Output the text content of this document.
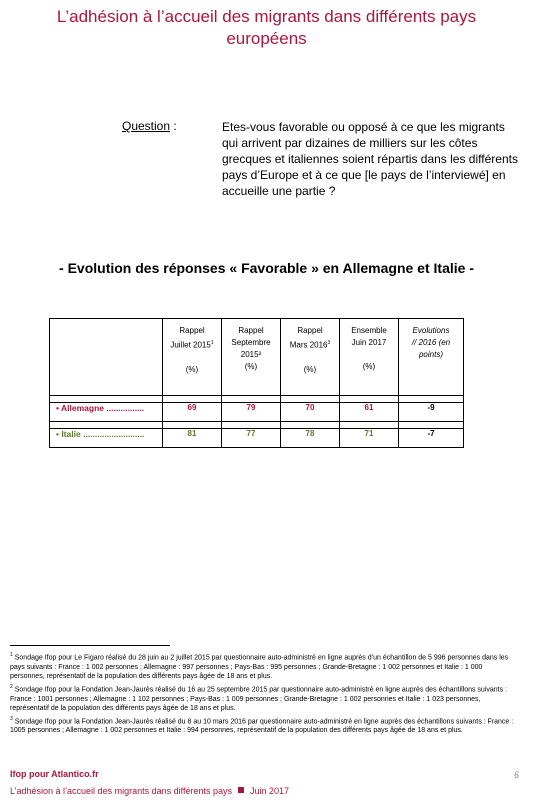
L’adhésion à l’accueil des migrants dans différents pays
européens
Question :	Etes-vous favorable ou opposé à ce que les migrants qui arrivent par dizaines de milliers sur les côtes grecques et italiennes soient répartis dans les différents pays d’Europe et à ce que [le pays de l’interviewé] en accueille une partie ?
- Evolution des réponses « Favorable » en Allemagne et Italie -

	Rappel
Juillet 2015$^1$

(%)	Rappel
Septembre
2015²
(%)	Rappel
Mars 2016$^3$

(%)	Ensemble
Juin 2017

(%)	Evolutions
// 2016 (en
points)

• Allemagne ................	69	79	70	61	-9

• Italie ..........................	81	77	78	71	-7

$^1$ Sondage Ifop pour Le Figaro réalisé du 28 juin au 2 juillet 2015 par questionnaire auto-administré en ligne auprès d’un échantillon de 5 996 personnes dans les pays suivants : France : 1 002 personnes ; Allemagne : 997 personnes ; Pays-Bas : 995 personnes ; Grande-Bretagne : 1 002 personnes et Italie : 1 000 personnes, représentatif de la population des différents pays âgée de 18 ans et plus.

$^2$ Sondage Ifop pour la Fondation Jean-Jaurès réalisé du 16 au 25 septembre 2015 par questionnaire auto-administré en ligne auprès des échantillons suivants : France : 1001 personnes ; Allemagne : 1 102 personnes ; Pays-Bas : 1 009 personnes ; Grande-Bretagne : 1 002 personnes et Italie : 1 023 personnes, représentatif de la population des différents pays âgée de 18 ans et plus.

$^3$ Sondage Ifop pour la Fondation Jean-Jaurès réalisé du 8 au 10 mars 2016 par questionnaire auto-administré en ligne auprès des échantillons suivants : France : 1005 personnes ; Allemagne : 1 002 personnes et Italie : 994 personnes, représentatif de la population des différents pays âgée de 18 ans et plus.

Ifop pour Atlantico.fr	6
L’adhésion à l’accueil des migrants dans différents pays Juin 2017
